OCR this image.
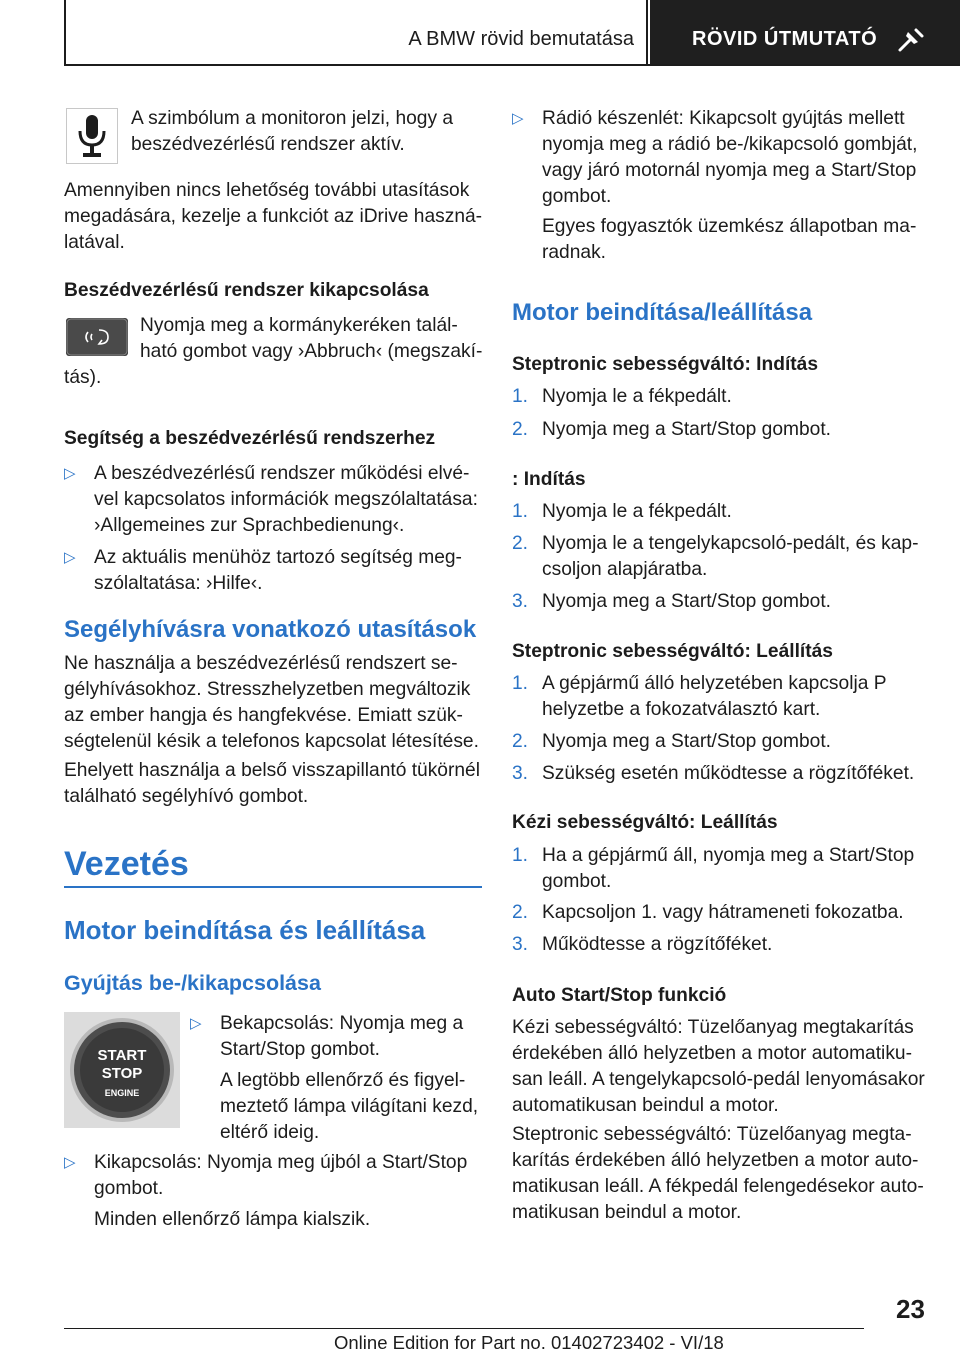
A BMW rövid bemutatása	RÖVID ÚTMUTATÓ
A szimbólum a monitoron jelzi, hogy a
beszédvezérlésű rendszer aktív.
Amennyiben nincs lehetőség további utasítások
megadására, kezelje a funkciót az iDrive haszná-
latával.
Beszédvezérlésű rendszer kikapcsolása
Nyomja meg a kormánykeréken talál-
ható gombot vagy ›Abbruch‹ (megszakí-
tás).
Segítség a beszédvezérlésű rendszerhez
▷ A beszédvezérlésű rendszer működési elvé-
vel kapcsolatos információk megszólaltatása:
›Allgemeines zur Sprachbedienung‹.
▷ Az aktuális menühöz tartozó segítség meg-
szólaltatása: ›Hilfe‹.
Segélyhívásra vonatkozó utasítások
Ne használja a beszédvezérlésű rendszert se-
gélyhívásokhoz. Stresszhelyzetben megváltozik
az ember hangja és hangfekvése. Emiatt szük-
ségtelenül késik a telefonos kapcsolat létesítése.
Ehelyett használja a belső visszapillantó tükörnél
található segélyhívó gombot.
Vezetés
Motor beindítása és leállítása
Gyújtás be-/kikapcsolása
START
STOP
ENGINE
▷ Bekapcsolás: Nyomja meg a
Start/Stop gombot.
A legtöbb ellenőrző és figyel-
meztető lámpa világítani kezd,
eltérő ideig.
▷ Kikapcsolás: Nyomja meg újból a Start/Stop
gombot.
Minden ellenőrző lámpa kialszik.
▷ Rádió készenlét: Kikapcsolt gyújtás mellett
nyomja meg a rádió be-/kikapcsoló gombját,
vagy járó motornál nyomja meg a Start/Stop
gombot.
Egyes fogyasztók üzemkész állapotban ma-
radnak.
Motor beindítása/leállítása
Steptronic sebességváltó: Indítás
1. Nyomja le a fékpedált.
2. Nyomja meg a Start/Stop gombot.
: Indítás
1. Nyomja le a fékpedált.
2. Nyomja le a tengelykapcsoló-pedált, és kap-
csoljon alapjáratba.
3. Nyomja meg a Start/Stop gombot.
Steptronic sebességváltó: Leállítás
1. A gépjármű álló helyzetében kapcsolja P
helyzetbe a fokozatválasztó kart.
2. Nyomja meg a Start/Stop gombot.
3. Szükség esetén működtesse a rögzítőféket.
Kézi sebességváltó: Leállítás
1. Ha a gépjármű áll, nyomja meg a Start/Stop
gombot.
2. Kapcsoljon 1. vagy hátrameneti fokozatba.
3. Működtesse a rögzítőféket.
Auto Start/Stop funkció
Kézi sebességváltó: Tüzelőanyag megtakarítás
érdekében álló helyzetben a motor automatiku-
san leáll. A tengelykapcsoló-pedál lenyomásakor
automatikusan beindul a motor.
Steptronic sebességváltó: Tüzelőanyag megta-
karítás érdekében álló helyzetben a motor auto-
matikusan leáll. A fékpedál felengedésekor auto-
matikusan beindul a motor.
23
Online Edition for Part no. 01402723402 - VI/18
